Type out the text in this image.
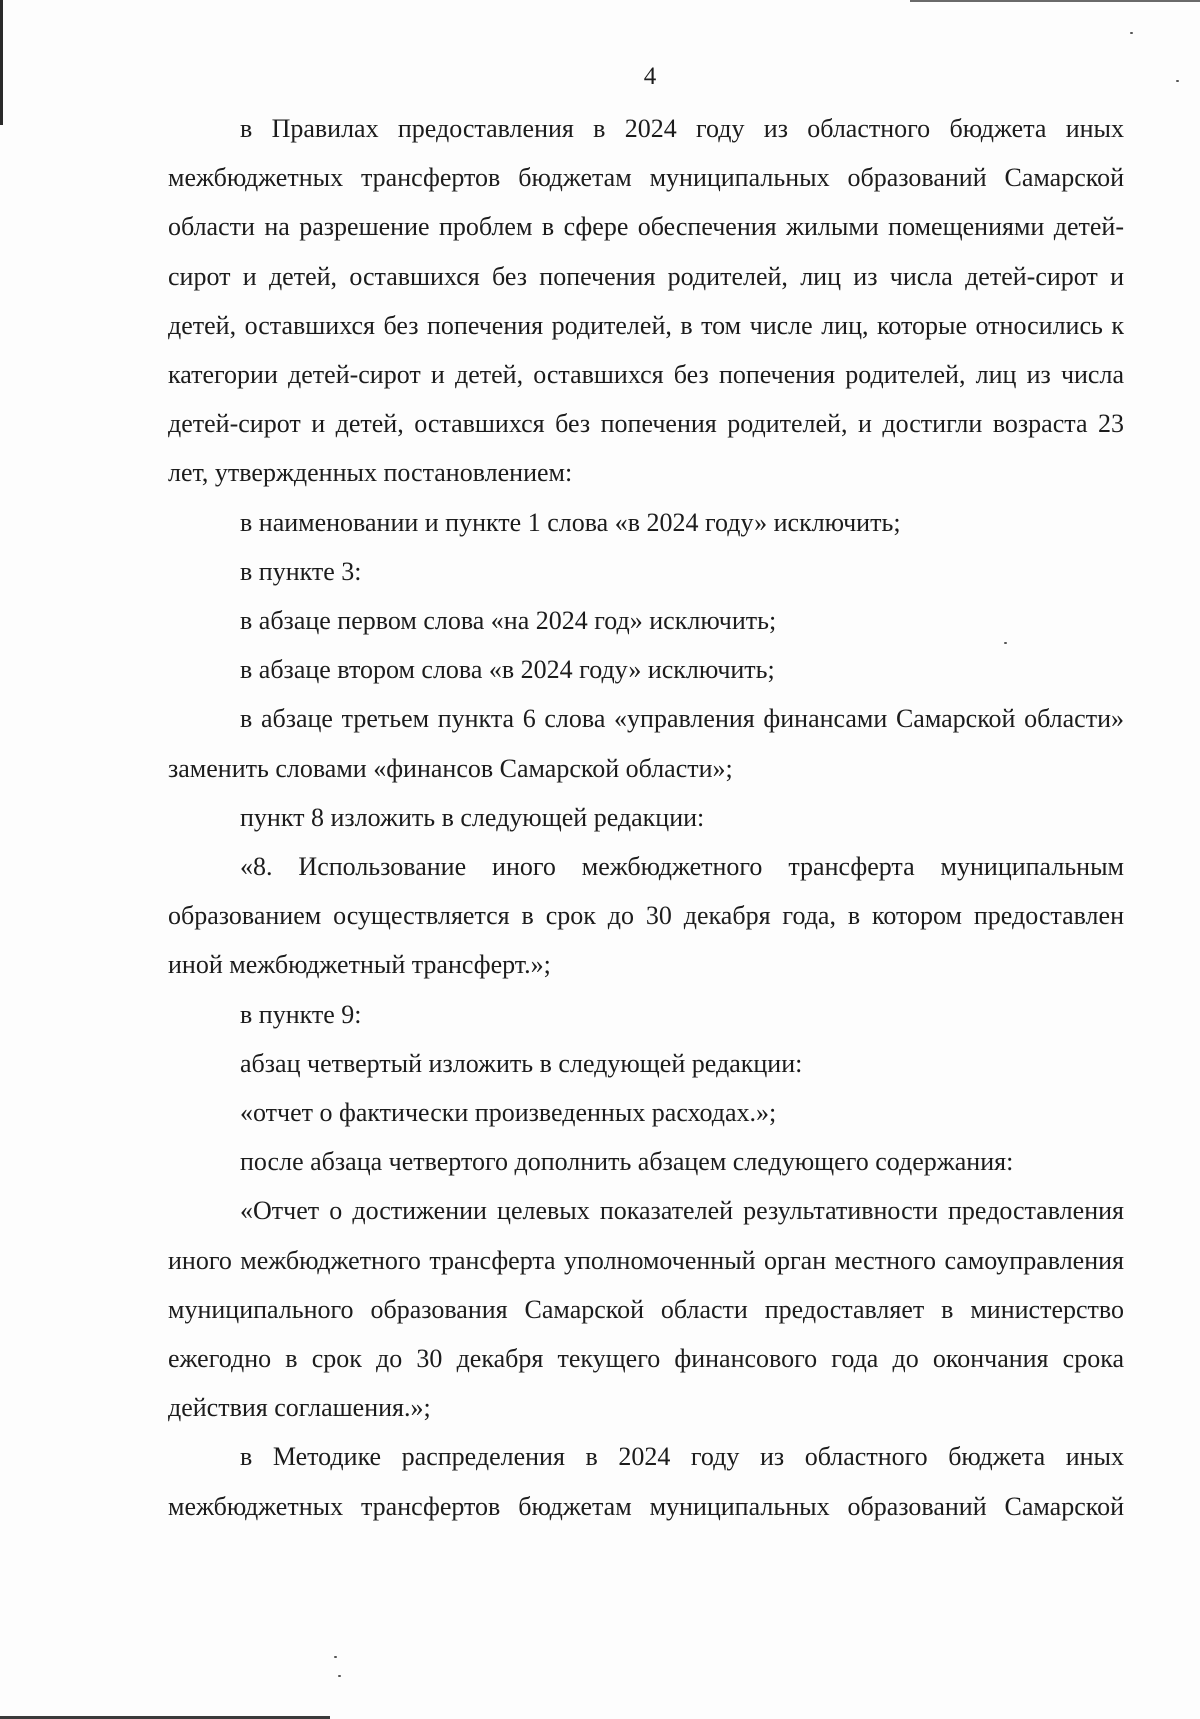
4

в Правилах предоставления в 2024 году из областного бюджета иных межбюджетных трансфертов бюджетам муниципальных образований Самарской области на разрешение проблем в сфере обеспечения жилыми помещениями детей-сирот и детей, оставшихся без попечения родителей, лиц из числа детей-сирот и детей, оставшихся без попечения родителей, в том числе лиц, которые относились к категории детей-сирот и детей, оставшихся без попечения родителей, лиц из числа детей-сирот и детей, оставшихся без попечения родителей, и достигли возраста 23 лет, утвержденных постановлением:

в наименовании и пункте 1 слова «в 2024 году» исключить;

в пункте 3:

в абзаце первом слова «на 2024 год» исключить;

в абзаце втором слова «в 2024 году» исключить;

в абзаце третьем пункта 6 слова «управления финансами Самарской области» заменить словами «финансов Самарской области»;

пункт 8 изложить в следующей редакции:

«8. Использование иного межбюджетного трансферта муниципальным образованием осуществляется в срок до 30 декабря года, в котором предоставлен иной межбюджетный трансферт.»;

в пункте 9:

абзац четвертый изложить в следующей редакции:

«отчет о фактически произведенных расходах.»;

после абзаца четвертого дополнить абзацем следующего содержания:

«Отчет о достижении целевых показателей результативности предоставления иного межбюджетного трансферта уполномоченный орган местного самоуправления муниципального образования Самарской области предоставляет в министерство ежегодно в срок до 30 декабря текущего финансового года до окончания срока действия соглашения.»;

в Методике распределения в 2024 году из областного бюджета иных межбюджетных трансфертов бюджетам муниципальных образований Самарской
